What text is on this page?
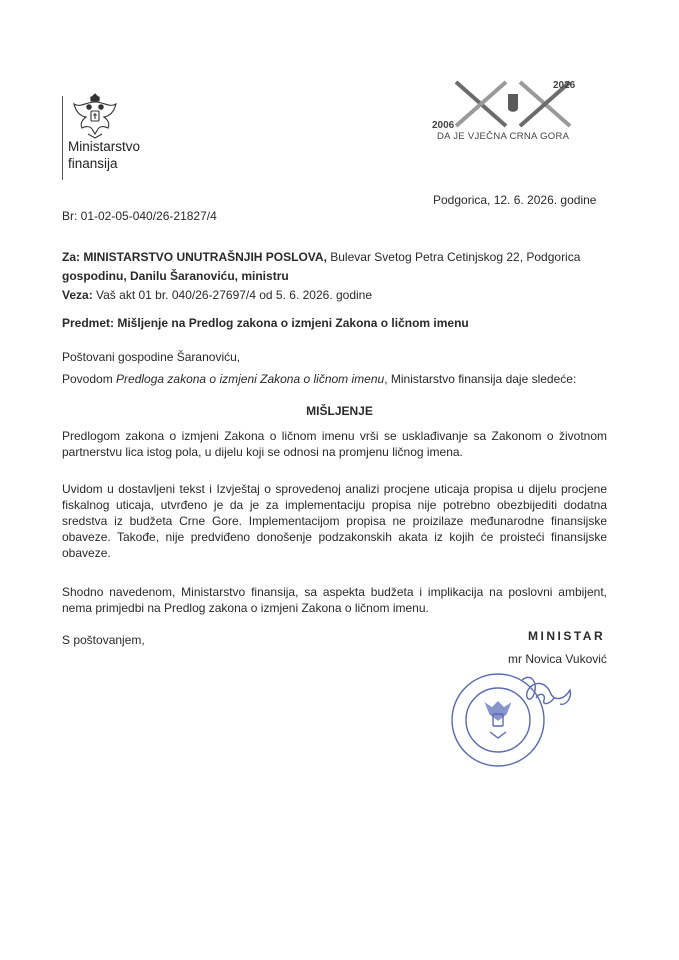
Ministarstvo
finansija
2026
2006
DA JE VJEČNA CRNA GORA
Podgorica, 12. 6. 2026. godine
Br: 01-02-05-040/26-21827/4
Za: MINISTARSTVO UNUTRAŠNJIH POSLOVA, Bulevar Svetog Petra Cetinjskog 22, Podgorica
gospodinu, Danilu Šaranoviću, ministru
Veza: Vaš akt 01 br. 040/26-27697/4 od 5. 6. 2026. godine
Predmet: Mišljenje na Predlog zakona o izmjeni Zakona o ličnom imenu
Poštovani gospodine Šaranoviću,
Povodom Predloga zakona o izmjeni Zakona o ličnom imenu, Ministarstvo finansija daje sledeće:
MIŠLJENJE
Predlogom zakona o izmjeni Zakona o ličnom imenu vrši se usklađivanje sa Zakonom o životnom partnerstvu lica istog pola, u dijelu koji se odnosi na promjenu ličnog imena.
Uvidom u dostavljeni tekst i Izvještaj o sprovedenoj analizi procjene uticaja propisa u dijelu procjene fiskalnog uticaja, utvrđeno je da je za implementaciju propisa nije potrebno obezbijediti dodatna sredstva iz budžeta Crne Gore. Implementacijom propisa ne proizilaze međunarodne finansijske obaveze. Takođe, nije predviđeno donošenje podzakonskih akata iz kojih će proisteći finansijske obaveze.
Shodno navedenom, Ministarstvo finansija, sa aspekta budžeta i implikacija na poslovni ambijent, nema primjedbi na Predlog zakona o izmjeni Zakona o ličnom imenu.
S poštovanjem,	MINISTAR
mr Novica Vuković
